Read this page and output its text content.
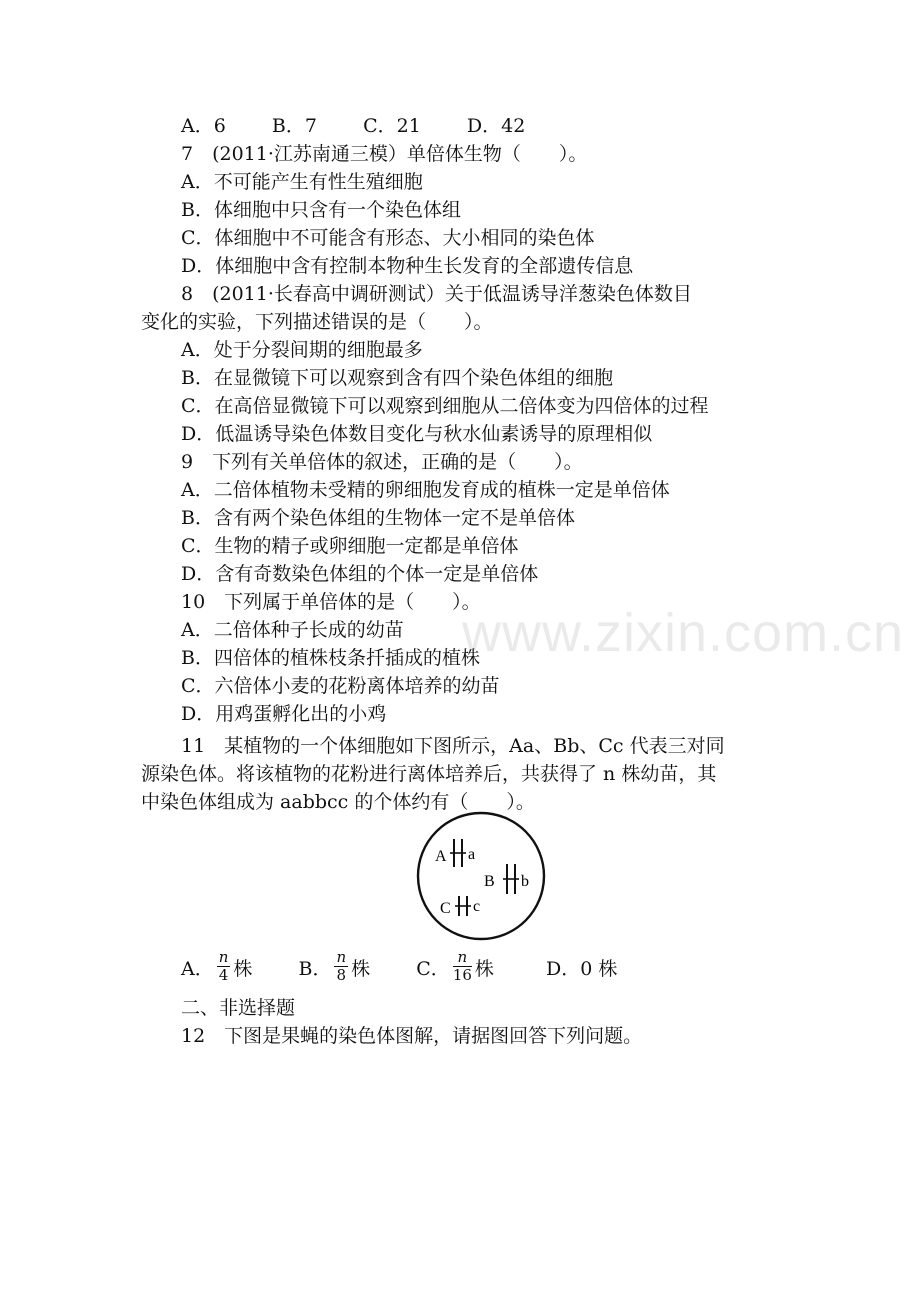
www.zixin.com.cn
A．6 B．7 C．21 D．42
7　(2011·江苏南通三模）单倍体生物（　　）。
A．不可能产生有性生殖细胞
B．体细胞中只含有一个染色体组
C．体细胞中不可能含有形态、大小相同的染色体
D．体细胞中含有控制本物种生长发育的全部遗传信息
8　(2011·长春高中调研测试）关于低温诱导洋葱染色体数目
变化的实验，下列描述错误的是（　　）。
A．处于分裂间期的细胞最多
B．在显微镜下可以观察到含有四个染色体组的细胞
C．在高倍显微镜下可以观察到细胞从二倍体变为四倍体的过程
D．低温诱导染色体数目变化与秋水仙素诱导的原理相似
9　下列有关单倍体的叙述，正确的是（　　）。
A．二倍体植物未受精的卵细胞发育成的植株一定是单倍体
B．含有两个染色体组的生物体一定不是单倍体
C．生物的精子或卵细胞一定都是单倍体
D．含有奇数染色体组的个体一定是单倍体
10　下列属于单倍体的是（　　）。
A．二倍体种子长成的幼苗
B．四倍体的植株枝条扦插成的植株
C．六倍体小麦的花粉离体培养的幼苗
D．用鸡蛋孵化出的小鸡
11　某植物的一个体细胞如下图所示，Aa、Bb、Cc 代表三对同
源染色体。将该植物的花粉进行离体培养后，共获得了 n 株幼苗，其
中染色体组成为 aabbcc 的个体约有（　　）。
A a
B b
C c
A． $\frac{n}{4}$ 株 B． $\frac{n}{8}$ 株 C． $\frac{n}{16}$ 株	D．0 株
二、非选择题
12　下图是果蝇的染色体图解，请据图回答下列问题。
